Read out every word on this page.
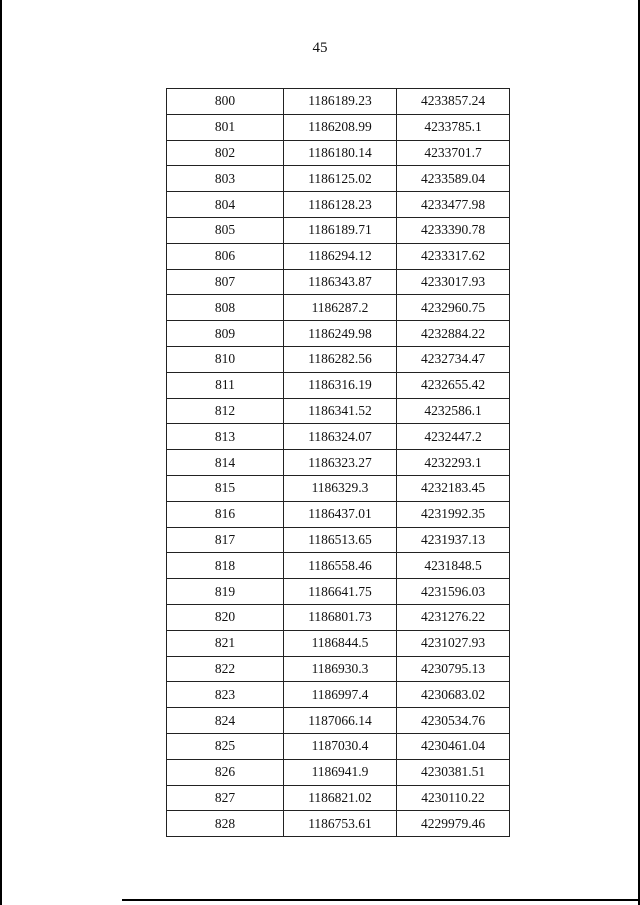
45
800	1186189.23	4233857.24
801	1186208.99	4233785.1
802	1186180.14	4233701.7
803	1186125.02	4233589.04
804	1186128.23	4233477.98
805	1186189.71	4233390.78
806	1186294.12	4233317.62
807	1186343.87	4233017.93
808	1186287.2	4232960.75
809	1186249.98	4232884.22
810	1186282.56	4232734.47
811	1186316.19	4232655.42
812	1186341.52	4232586.1
813	1186324.07	4232447.2
814	1186323.27	4232293.1
815	1186329.3	4232183.45
816	1186437.01	4231992.35
817	1186513.65	4231937.13
818	1186558.46	4231848.5
819	1186641.75	4231596.03
820	1186801.73	4231276.22
821	1186844.5	4231027.93
822	1186930.3	4230795.13
823	1186997.4	4230683.02
824	1187066.14	4230534.76
825	1187030.4	4230461.04
826	1186941.9	4230381.51
827	1186821.02	4230110.22
828	1186753.61	4229979.46
